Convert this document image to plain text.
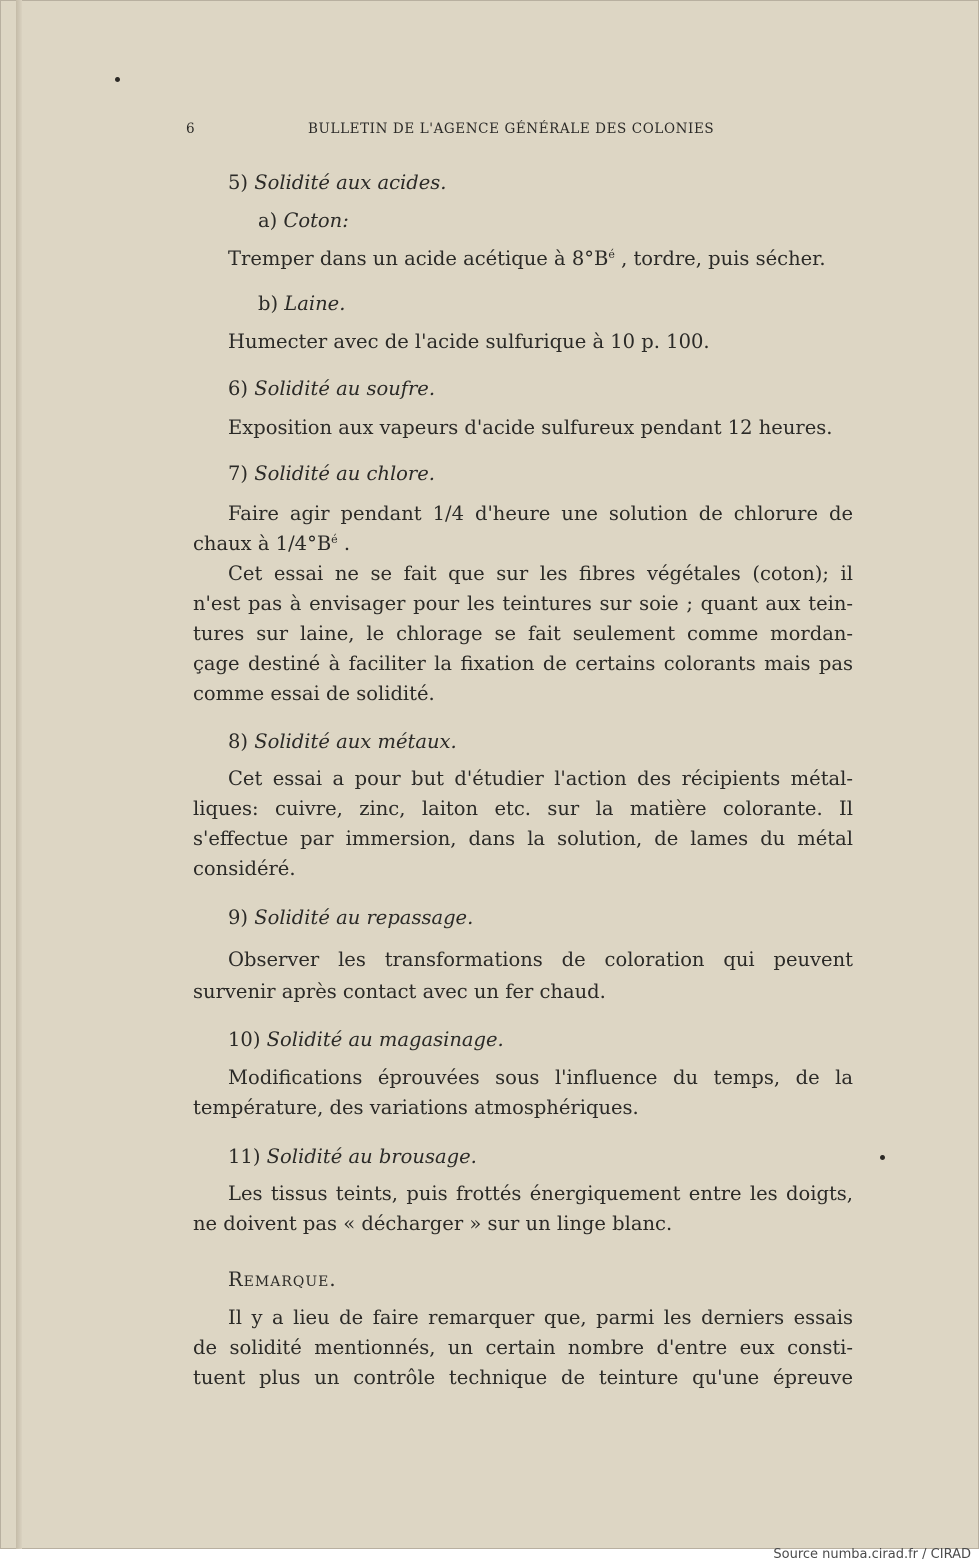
6	BULLETIN DE L'AGENCE GÉNÉRALE DES COLONIES
5) Solidité aux acides.
a) Coton:
Tremper dans un acide acétique à $8^\circ B^é$ , tordre, puis sécher.
b) Laine.
Humecter avec de l'acide sulfurique à 10 p. 100.
6) Solidité au soufre.
Exposition aux vapeurs d'acide sulfureux pendant 12 heures.
7) Solidité au chlore.
Faire agir pendant 1/4 d'heure une solution de chlorure de
chaux à $1/4^\circ B^é$ .
Cet essai ne se fait que sur les fibres végétales (coton); il
n'est pas à envisager pour les teintures sur soie ; quant aux tein-
tures sur laine, le chlorage se fait seulement comme mordan-
çage destiné à faciliter la fixation de certains colorants mais pas
comme essai de solidité.
8) Solidité aux métaux.
Cet essai a pour but d'étudier l'action des récipients métal-
liques: cuivre, zinc, laiton etc. sur la matière colorante. Il
s'effectue par immersion, dans la solution, de lames du métal
considéré.
9) Solidité au repassage.
Observer les transformations de coloration qui peuvent
survenir après contact avec un fer chaud.
10) Solidité au magasinage.
Modifications éprouvées sous l'influence du temps, de la
température, des variations atmosphériques.
11) Solidité au brousage.
Les tissus teints, puis frottés énergiquement entre les doigts,
ne doivent pas « décharger » sur un linge blanc.
Remarque.
Il y a lieu de faire remarquer que, parmi les derniers essais
de solidité mentionnés, un certain nombre d'entre eux consti-
tuent plus un contrôle technique de teinture qu'une épreuve
Source numba.cirad.fr / CIRAD
